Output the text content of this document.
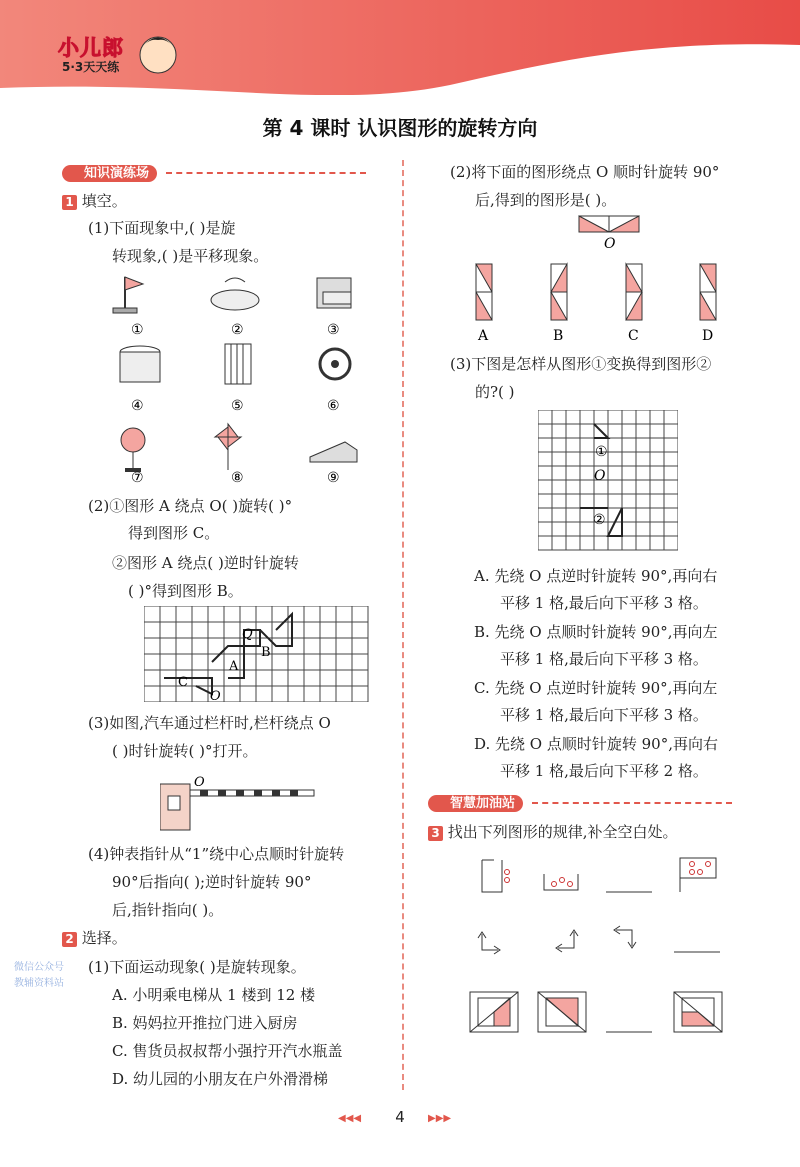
小儿郎
5·3天天练
第 4 课时 认识图形的旋转方向
知识演练场
1 填空。
(1)下面现象中,( )是旋
转现象,( )是平移现象。
①	②	③
④	⑤	⑥
⑦	⑧	⑨
(2)①图形 A 绕点 O( )旋转( )°
得到图形 C。
②图形 A 绕点( )逆时针旋转
( )°得到图形 B。
Q
B
A
C
O
(3)如图,汽车通过栏杆时,栏杆绕点 O
( )时针旋转( )°打开。
O
(4)钟表指针从“1”绕中心点顺时针旋转
90°后指向( );逆时针旋转 90°
后,指针指向( )。
2 选择。
微信公众号
教辅资料站
(1)下面运动现象( )是旋转现象。
A. 小明乘电梯从 1 楼到 12 楼
B. 妈妈拉开推拉门进入厨房
C. 售货员叔叔帮小强拧开汽水瓶盖
D. 幼儿园的小朋友在户外滑滑梯
(2)将下面的图形绕点 O 顺时针旋转 90°
后,得到的图形是( )。
O
A	B	C	D
(3)下图是怎样从图形①变换得到图形②
的?( )
①
O
②
A. 先绕 O 点逆时针旋转 90°,再向右
平移 1 格,最后向下平移 3 格。
B. 先绕 O 点顺时针旋转 90°,再向左
平移 1 格,最后向下平移 3 格。
C. 先绕 O 点逆时针旋转 90°,再向左
平移 1 格,最后向下平移 3 格。
D. 先绕 O 点顺时针旋转 90°,再向右
平移 1 格,最后向下平移 2 格。
智慧加油站
3 找出下列图形的规律,补全空白处。
◀◀◀	4	▶▶▶
